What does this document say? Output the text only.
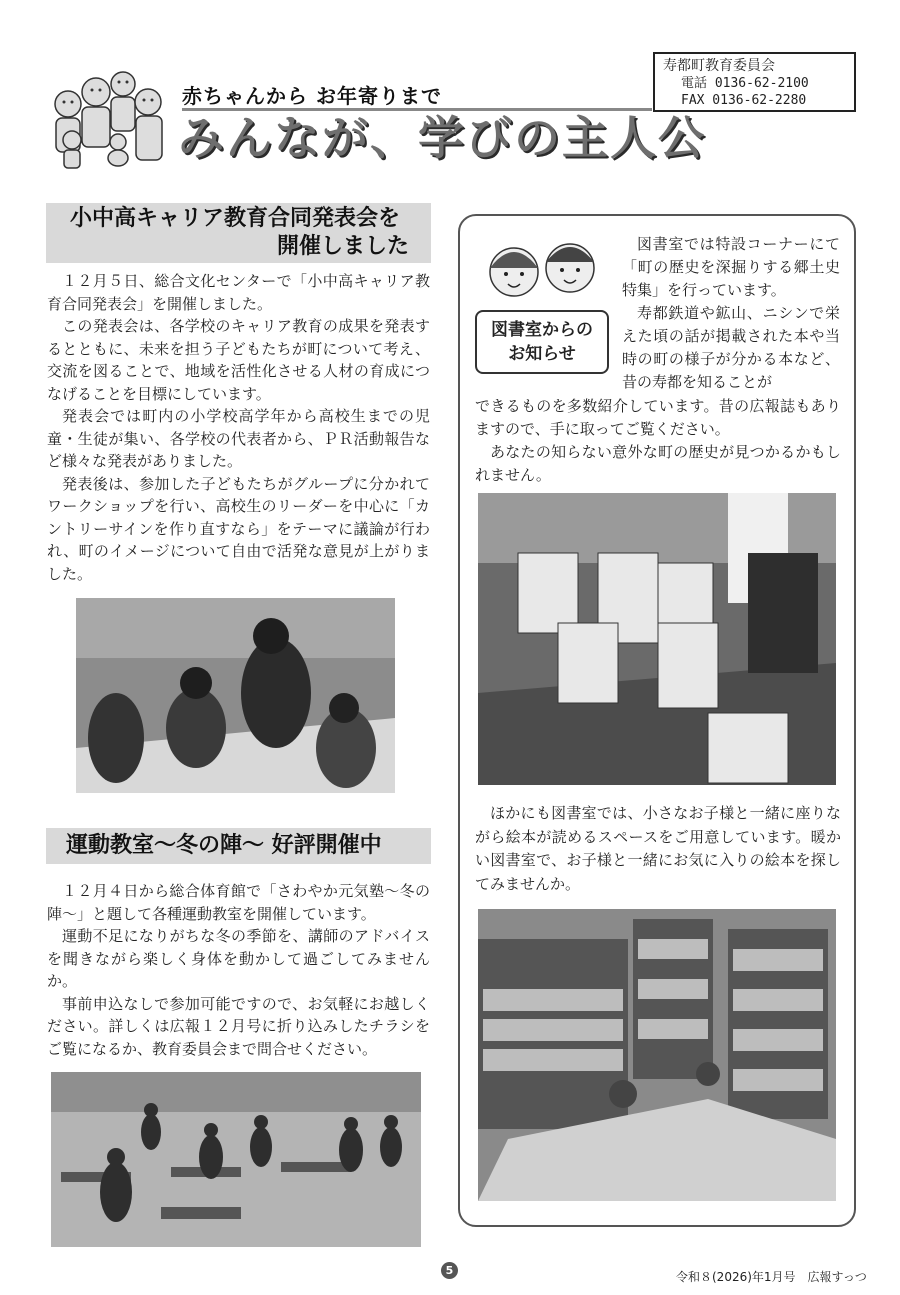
赤ちゃんから お年寄りまで
みんなが、学びの主人公
寿都町教育委員会
電話 0136-62-2100
FAX 0136-62-2280
小中高キャリア教育合同発表会を
開催しました

１２月５日、総合文化センターで「小中高キャリア教育合同発表会」を開催しました。

この発表会は、各学校のキャリア教育の成果を発表するとともに、未来を担う子どもたちが町について考え、交流を図ることで、地域を活性化させる人材の育成につなげることを目標にしています。

発表会では町内の小学校高学年から高校生までの児童・生徒が集い、各学校の代表者から、ＰＲ活動報告など様々な発表がありました。

発表後は、参加した子どもたちがグループに分かれてワークショップを行い、高校生のリーダーを中心に「カントリーサインを作り直すなら」をテーマに議論が行われ、町のイメージについて自由で活発な意見が上がりました。

運動教室～冬の陣～ 好評開催中

１２月４日から総合体育館で「さわやか元気塾～冬の陣～」と題して各種運動教室を開催しています。

運動不足になりがちな冬の季節を、講師のアドバイスを聞きながら楽しく身体を動かして過ごしてみませんか。

事前申込なしで参加可能ですので、お気軽にお越しください。詳しくは広報１２月号に折り込みしたチラシをご覧になるか、教育委員会まで問合せください。

図書室からの
お知らせ

図書室では特設コーナーにて「町の歴史を深掘りする郷土史特集」を行っています。

寿都鉄道や鉱山、ニシンで栄えた頃の話が掲載された本や当時の町の様子が分かる本など、昔の寿都を知ることが

できるものを多数紹介しています。昔の広報誌もありますので、手に取ってご覧ください。

あなたの知らない意外な町の歴史が見つかるかもしれません。

ほかにも図書室では、小さなお子様と一緒に座りながら絵本が読めるスペースをご用意しています。暖かい図書室で、お子様と一緒にお気に入りの絵本を探してみませんか。

5	令和８(2026)年1月号　広報すっつ
